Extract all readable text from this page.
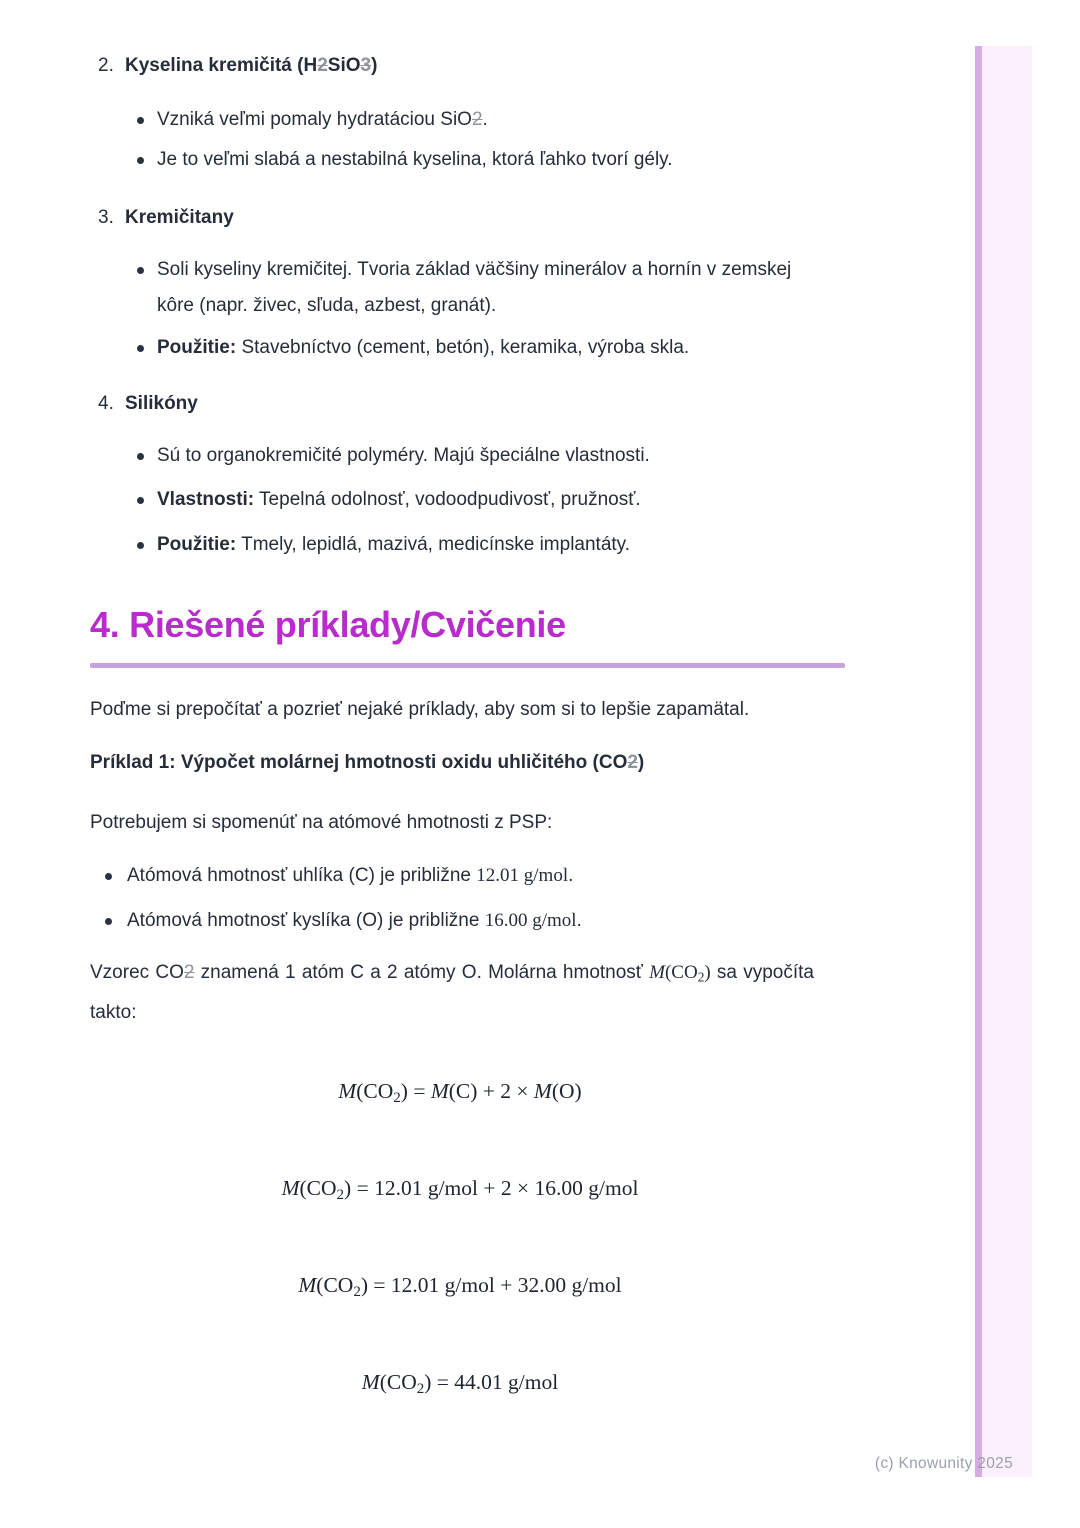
2. Kyselina kremičitá (H2SiO3)
Vzniká veľmi pomaly hydratáciou SiO2.
Je to veľmi slabá a nestabilná kyselina, ktorá ľahko tvorí gély.
3. Kremičitany
Soli kyseliny kremičitej. Tvoria základ väčšiny minerálov a hornín v zemskej kôre (napr. živec, sľuda, azbest, granát).
Použitie: Stavebníctvo (cement, betón), keramika, výroba skla.
4. Silikóny
Sú to organokremičité polyméry. Majú špeciálne vlastnosti.
Vlastnosti: Tepelná odolnosť, vodoodpudivosť, pružnosť.
Použitie: Tmely, lepidlá, mazivá, medicínske implantáty.
4. Riešené príklady/Cvičenie
Poďme si prepočítať a pozrieť nejaké príklady, aby som si to lepšie zapamätal.
Príklad 1: Výpočet molárnej hmotnosti oxidu uhličitého (CO2)
Potrebujem si spomenúť na atómové hmotnosti z PSP:
Atómová hmotnosť uhlíka (C) je približne 12.01 g/mol.
Atómová hmotnosť kyslíka (O) je približne 16.00 g/mol.
Vzorec CO2 znamená 1 atóm C a 2 atómy O. Molárna hmotnosť M(CO2) sa vypočíta takto:
M(CO2) = M(C) + 2 × M(O)
M(CO2) = 12.01 g/mol + 2 × 16.00 g/mol
M(CO2) = 12.01 g/mol + 32.00 g/mol
M(CO2) = 44.01 g/mol
(c) Knowunity 2025
